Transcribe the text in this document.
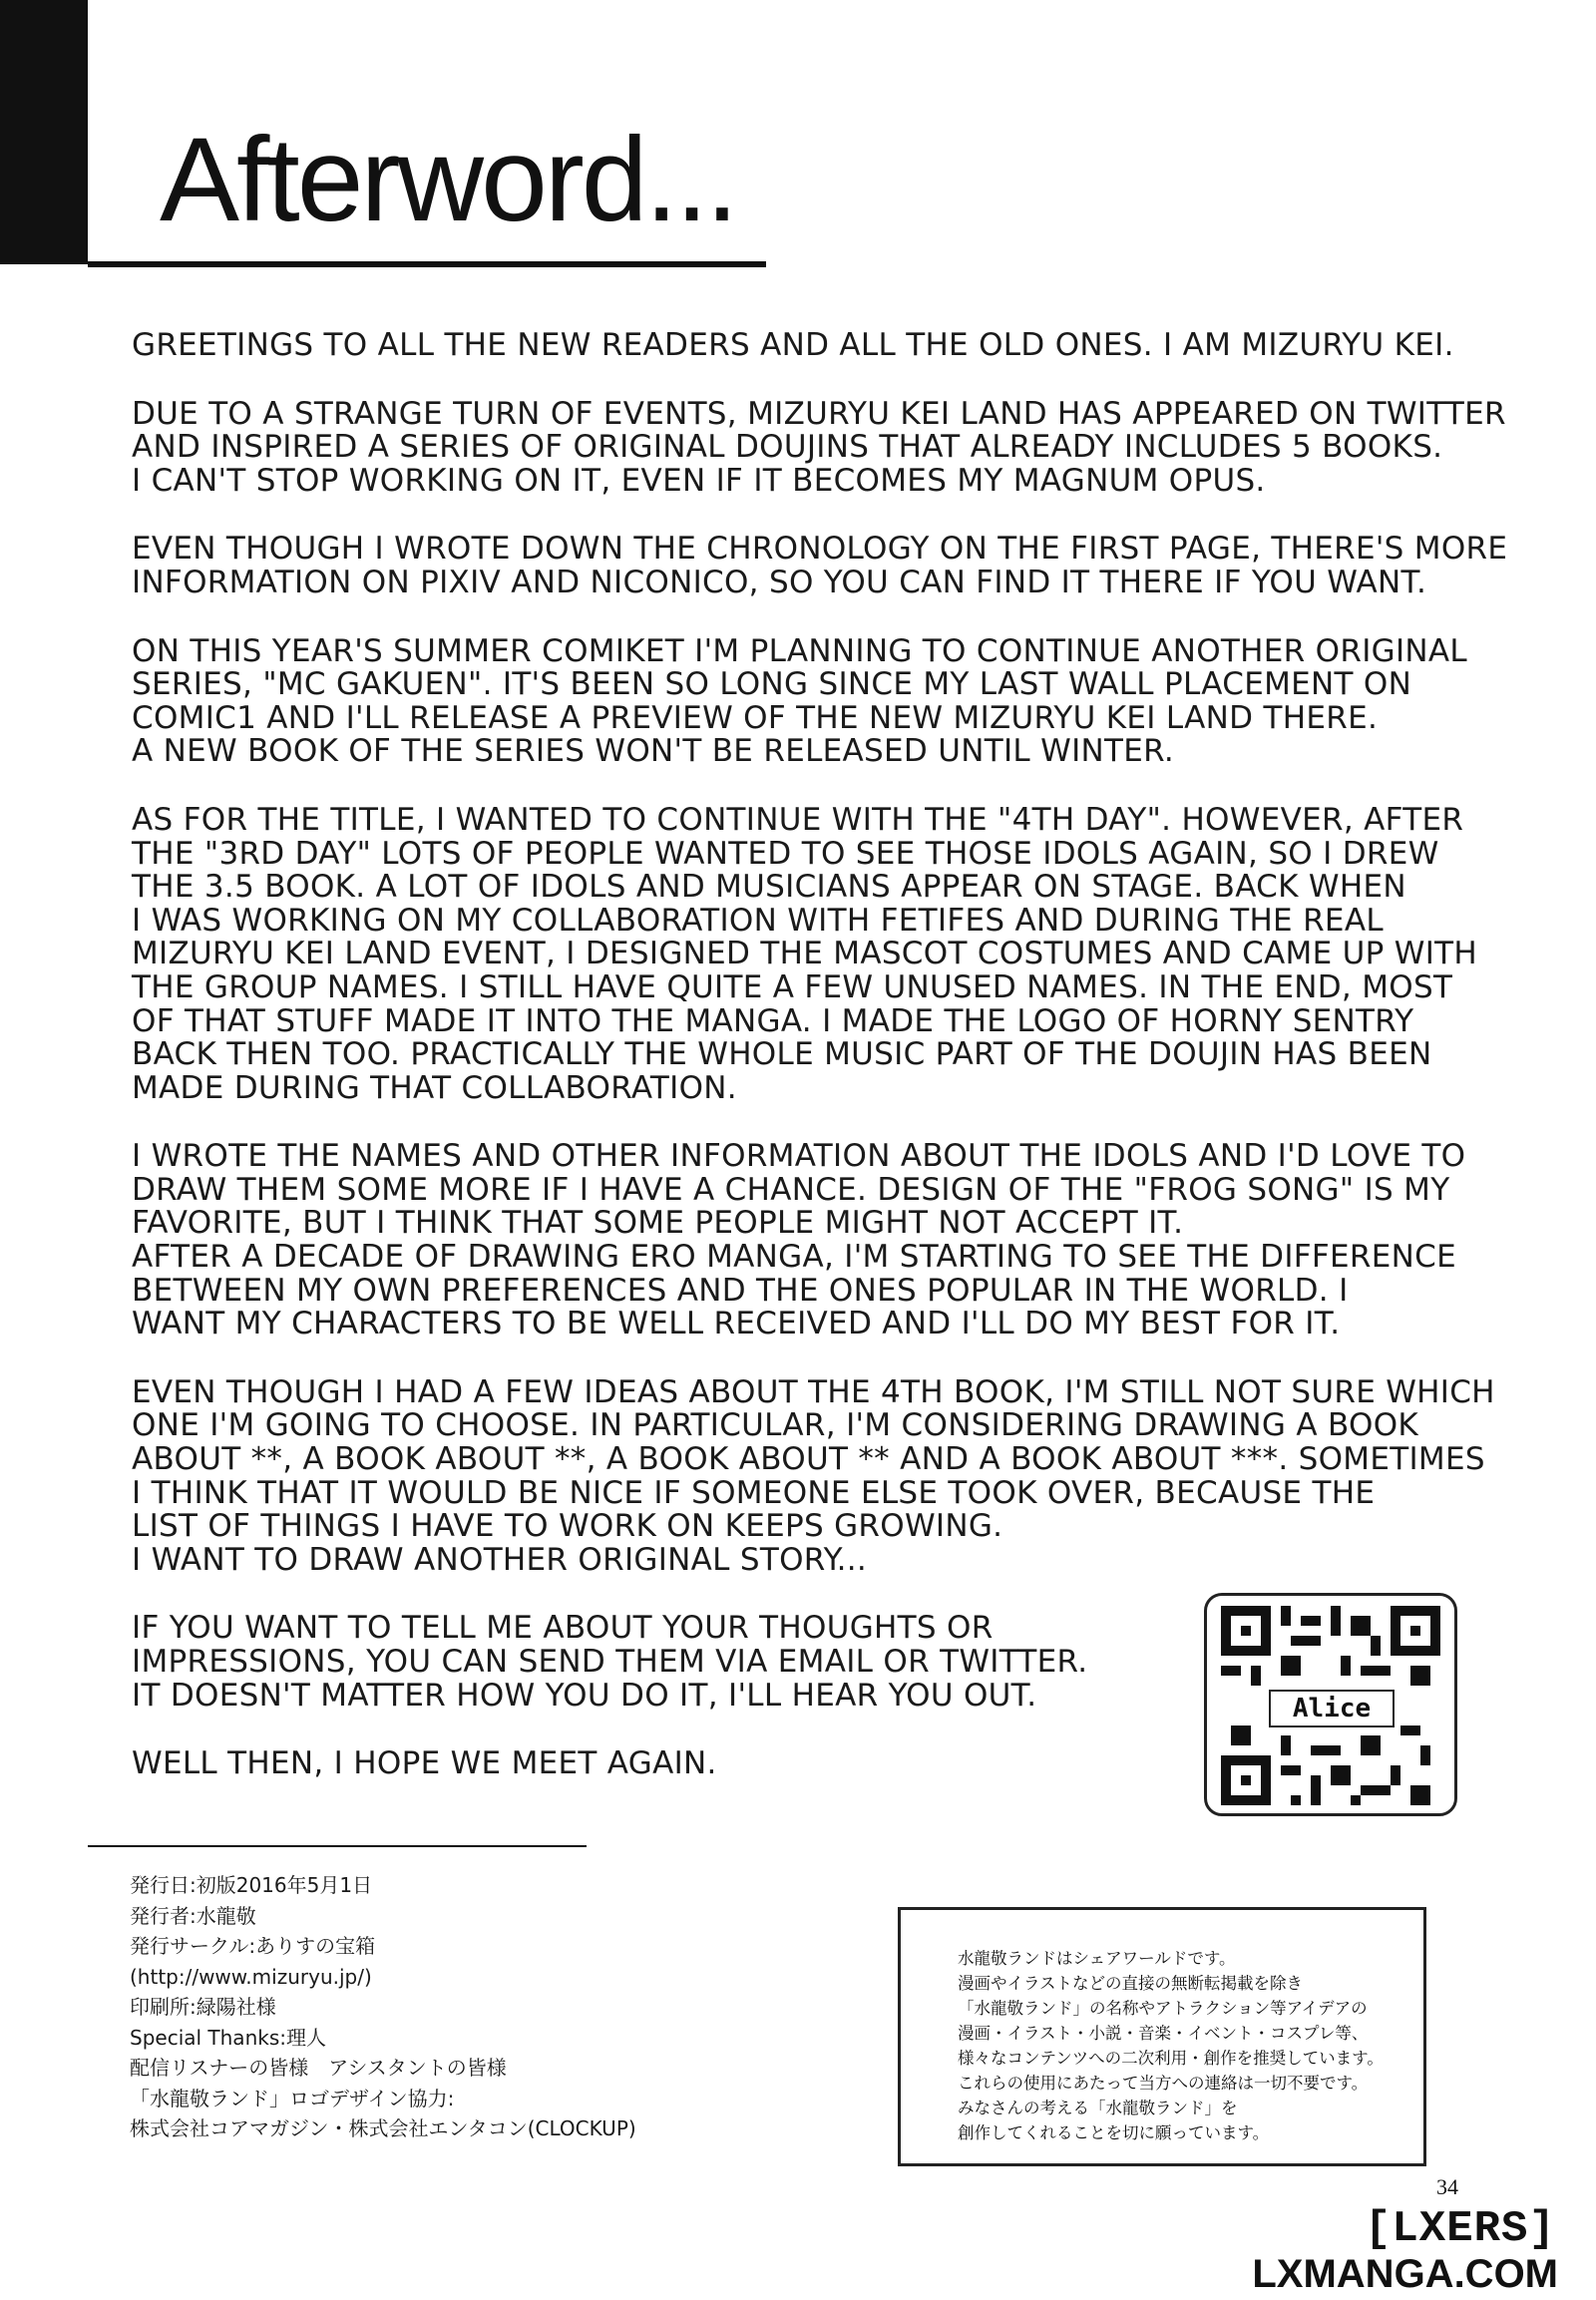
Afterword...

GREETINGS TO ALL THE NEW READERS AND ALL THE OLD ONES. I AM MIZURYU KEI.

DUE TO A STRANGE TURN OF EVENTS, MIZURYU KEI LAND HAS APPEARED ON TWITTER
AND INSPIRED A SERIES OF ORIGINAL DOUJINS THAT ALREADY INCLUDES 5 BOOKS.
I CAN'T STOP WORKING ON IT, EVEN IF IT BECOMES MY MAGNUM OPUS.

EVEN THOUGH I WROTE DOWN THE CHRONOLOGY ON THE FIRST PAGE, THERE'S MORE
INFORMATION ON PIXIV AND NICONICO, SO YOU CAN FIND IT THERE IF YOU WANT.

ON THIS YEAR'S SUMMER COMIKET I'M PLANNING TO CONTINUE ANOTHER ORIGINAL
SERIES, "MC GAKUEN". IT'S BEEN SO LONG SINCE MY LAST WALL PLACEMENT ON
COMIC1 AND I'LL RELEASE A PREVIEW OF THE NEW MIZURYU KEI LAND THERE.
A NEW BOOK OF THE SERIES WON'T BE RELEASED UNTIL WINTER.

AS FOR THE TITLE, I WANTED TO CONTINUE WITH THE "4TH DAY". HOWEVER, AFTER
THE "3RD DAY" LOTS OF PEOPLE WANTED TO SEE THOSE IDOLS AGAIN, SO I DREW
THE 3.5 BOOK. A LOT OF IDOLS AND MUSICIANS APPEAR ON STAGE. BACK WHEN
I WAS WORKING ON MY COLLABORATION WITH FETIFES AND DURING THE REAL
MIZURYU KEI LAND EVENT, I DESIGNED THE MASCOT COSTUMES AND CAME UP WITH
THE GROUP NAMES. I STILL HAVE QUITE A FEW UNUSED NAMES. IN THE END, MOST
OF THAT STUFF MADE IT INTO THE MANGA. I MADE THE LOGO OF HORNY SENTRY
BACK THEN TOO. PRACTICALLY THE WHOLE MUSIC PART OF THE DOUJIN HAS BEEN
MADE DURING THAT COLLABORATION.

I WROTE THE NAMES AND OTHER INFORMATION ABOUT THE IDOLS AND I'D LOVE TO
DRAW THEM SOME MORE IF I HAVE A CHANCE. DESIGN OF THE "FROG SONG" IS MY
FAVORITE, BUT I THINK THAT SOME PEOPLE MIGHT NOT ACCEPT IT.
AFTER A DECADE OF DRAWING ERO MANGA, I'M STARTING TO SEE THE DIFFERENCE
BETWEEN MY OWN PREFERENCES AND THE ONES POPULAR IN THE WORLD. I
WANT MY CHARACTERS TO BE WELL RECEIVED AND I'LL DO MY BEST FOR IT.

EVEN THOUGH I HAD A FEW IDEAS ABOUT THE 4TH BOOK, I'M STILL NOT SURE WHICH
ONE I'M GOING TO CHOOSE. IN PARTICULAR, I'M CONSIDERING DRAWING A BOOK
ABOUT **, A BOOK ABOUT **, A BOOK ABOUT ** AND A BOOK ABOUT ***. SOMETIMES
I THINK THAT IT WOULD BE NICE IF SOMEONE ELSE TOOK OVER, BECAUSE THE
LIST OF THINGS I HAVE TO WORK ON KEEPS GROWING.
I WANT TO DRAW ANOTHER ORIGINAL STORY...

IF YOU WANT TO TELL ME ABOUT YOUR THOUGHTS OR
IMPRESSIONS, YOU CAN SEND THEM VIA EMAIL OR TWITTER.
IT DOESN'T MATTER HOW YOU DO IT, I'LL HEAR YOU OUT.

WELL THEN, I HOPE WE MEET AGAIN.

Alice
発行日:初版2016年5月1日
発行者:水龍敬
発行サークル:ありすの宝箱
(http://www.mizuryu.jp/)
印刷所:緑陽社様
Special Thanks:理人
配信リスナーの皆様　アシスタントの皆様
「水龍敬ランド」ロゴデザイン協力:
株式会社コアマガジン・株式会社エンタコン(CLOCKUP)
水龍敬ランドはシェアワールドです。
漫画やイラストなどの直接の無断転掲載を除き
「水龍敬ランド」の名称やアトラクション等アイデアの
漫画・イラスト・小説・音楽・イベント・コスプレ等、
様々なコンテンツへの二次利用・創作を推奨しています。
これらの使用にあたって当方への連絡は一切不要です。
みなさんの考える「水龍敬ランド」を
創作してくれることを切に願っています。
34
[LXERS]
LXMANGA.COM
